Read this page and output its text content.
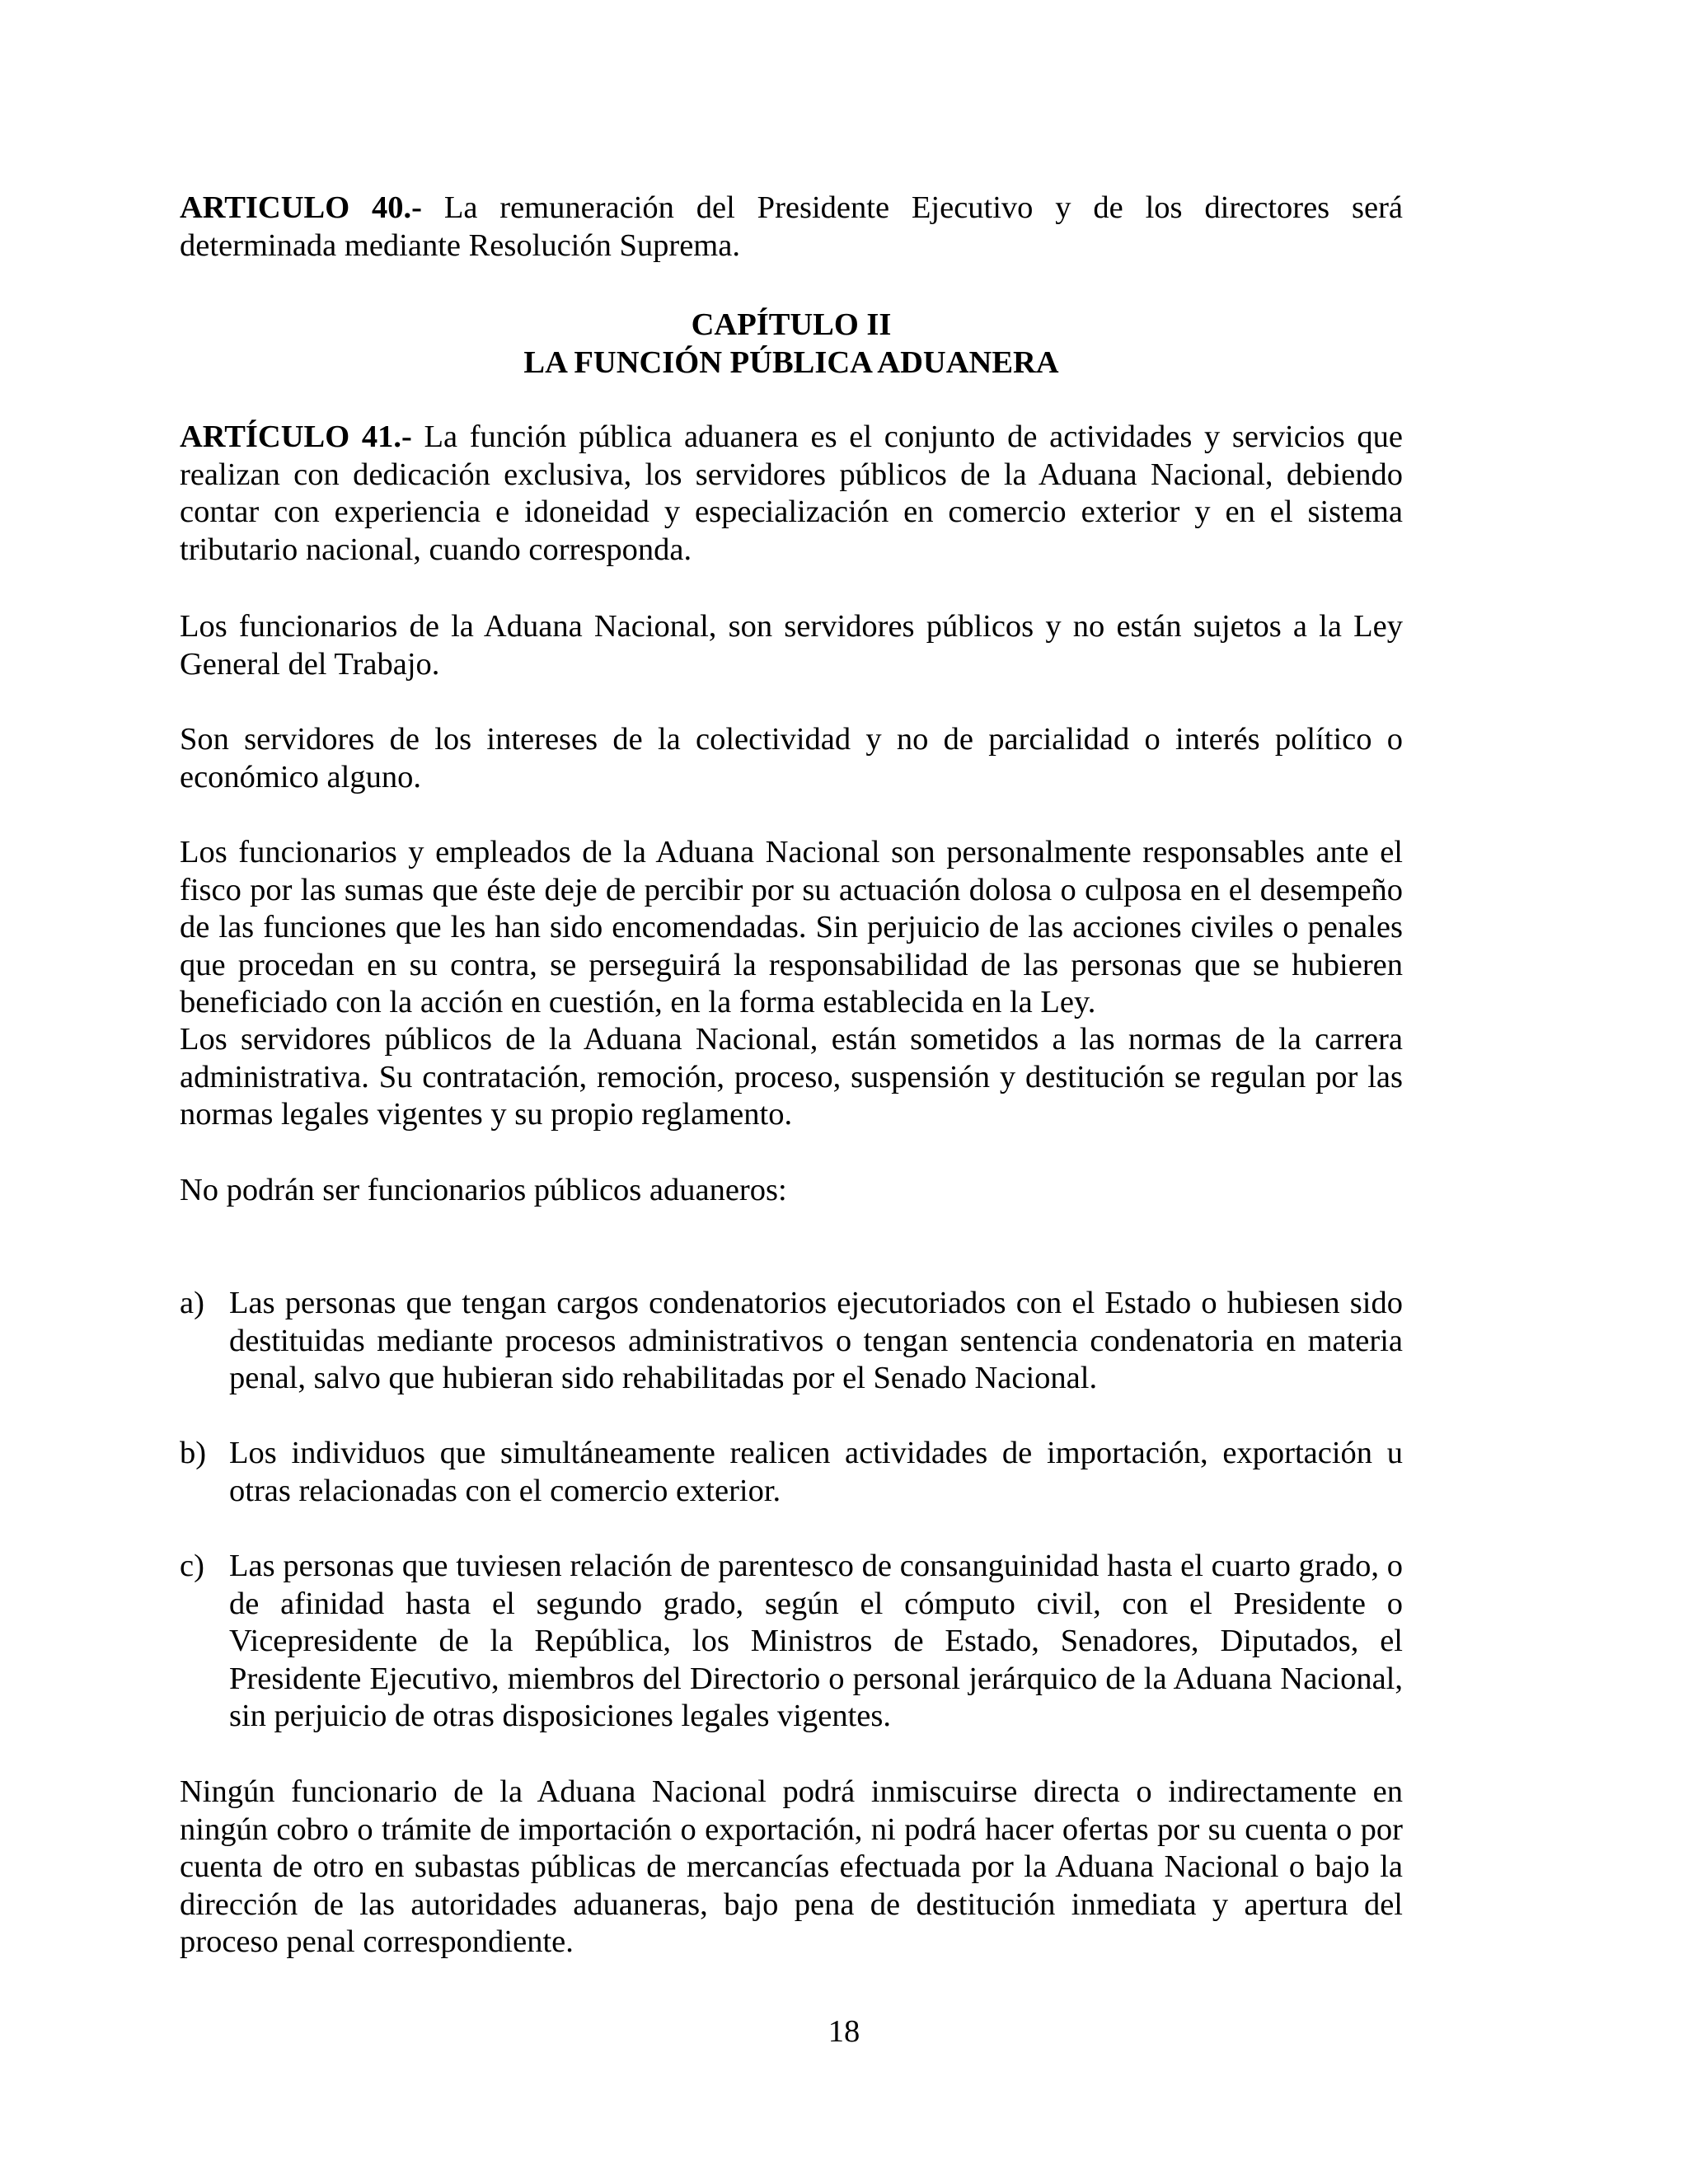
ARTICULO 40.- La remuneración del Presidente Ejecutivo y de los directores será determinada mediante Resolución Suprema.

CAPÍTULO II
LA FUNCIÓN PÚBLICA ADUANERA

ARTÍCULO 41.- La función pública aduanera es el conjunto de actividades y servicios que realizan con dedicación exclusiva, los servidores públicos de la Aduana Nacional, debiendo contar con experiencia e idoneidad y especialización en comercio exterior y en el sistema tributario nacional, cuando corresponda.

Los funcionarios de la Aduana Nacional, son servidores públicos y no están sujetos a la Ley General del Trabajo.

Son servidores de los intereses de la colectividad y no de parcialidad o interés político o económico alguno.

Los funcionarios y empleados de la Aduana Nacional son personalmente responsables ante el fisco por las sumas que éste deje de percibir por su actuación dolosa o culposa en el desempeño de las funciones que les han sido encomendadas. Sin perjuicio de las acciones civiles o penales que procedan en su contra, se perseguirá la responsabilidad de las personas que se hubieren beneficiado con la acción en cuestión, en la forma establecida en la Ley.

Los servidores públicos de la Aduana Nacional, están sometidos a las normas de la carrera administrativa. Su contratación, remoción, proceso, suspensión y destitución se regulan por las normas legales vigentes y su propio reglamento.

No podrán ser funcionarios públicos aduaneros:

a) Las personas que tengan cargos condenatorios ejecutoriados con el Estado o hubiesen sido destituidas mediante procesos administrativos o tengan sentencia condenatoria en materia penal, salvo que hubieran sido rehabilitadas por el Senado Nacional.
b) Los individuos que simultáneamente realicen actividades de importación, exportación u otras relacionadas con el comercio exterior.
c) Las personas que tuviesen relación de parentesco de consanguinidad hasta el cuarto grado, o de afinidad hasta el segundo grado, según el cómputo civil, con el Presidente o Vicepresidente de la República, los Ministros de Estado, Senadores, Diputados, el Presidente Ejecutivo, miembros del Directorio o personal jerárquico de la Aduana Nacional, sin perjuicio de otras disposiciones legales vigentes.

Ningún funcionario de la Aduana Nacional podrá inmiscuirse directa o indirectamente en ningún cobro o trámite de importación o exportación, ni podrá hacer ofertas por su cuenta o por cuenta de otro en subastas públicas de mercancías efectuada por la Aduana Nacional o bajo la dirección de las autoridades aduaneras, bajo pena de destitución inmediata y apertura del proceso penal correspondiente.

18
